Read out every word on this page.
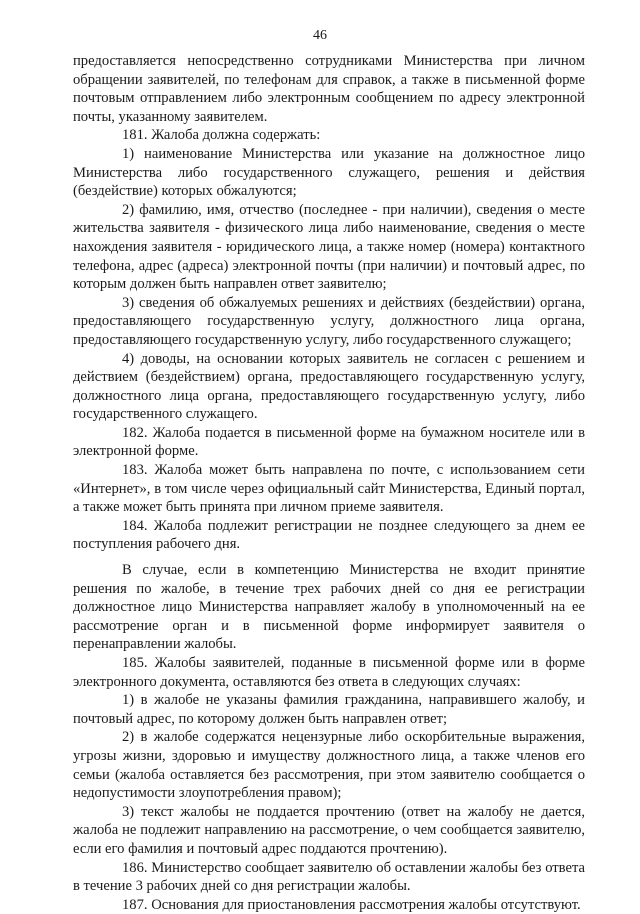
46

предоставляется непосредственно сотрудниками Министерства при личном обращении заявителей, по телефонам для справок, а также в письменной форме почтовым отправлением либо электронным сообщением по адресу электронной почты, указанному заявителем.

181. Жалоба должна содержать:

1) наименование Министерства или указание на должностное лицо Министерства либо государственного служащего, решения и действия (бездействие) которых обжалуются;

2) фамилию, имя, отчество (последнее - при наличии), сведения о месте жительства заявителя - физического лица либо наименование, сведения о месте нахождения заявителя - юридического лица, а также номер (номера) контактного телефона, адрес (адреса) электронной почты (при наличии) и почтовый адрес, по которым должен быть направлен ответ заявителю;

3) сведения об обжалуемых решениях и действиях (бездействии) органа, предоставляющего государственную услугу, должностного лица органа, предоставляющего государственную услугу, либо государственного служащего;

4) доводы, на основании которых заявитель не согласен с решением и действием (бездействием) органа, предоставляющего государственную услугу, должностного лица органа, предоставляющего государственную услугу, либо государственного служащего.

182. Жалоба подается в письменной форме на бумажном носителе или в электронной форме.

183. Жалоба может быть направлена по почте, с использованием сети «Интернет», в том числе через официальный сайт Министерства, Единый портал, а также может быть принята при личном приеме заявителя.

184. Жалоба подлежит регистрации не позднее следующего за днем ее поступления рабочего дня.

В случае, если в компетенцию Министерства не входит принятие решения по жалобе, в течение трех рабочих дней со дня ее регистрации должностное лицо Министерства направляет жалобу в уполномоченный на ее рассмотрение орган и в письменной форме информирует заявителя о перенаправлении жалобы.

185. Жалобы заявителей, поданные в письменной форме или в форме электронного документа, оставляются без ответа в следующих случаях:

1) в жалобе не указаны фамилия гражданина, направившего жалобу, и почтовый адрес, по которому должен быть направлен ответ;

2) в жалобе содержатся нецензурные либо оскорбительные выражения, угрозы жизни, здоровью и имуществу должностного лица, а также членов его семьи (жалоба оставляется без рассмотрения, при этом заявителю сообщается о недопустимости злоупотребления правом);

3) текст жалобы не поддается прочтению (ответ на жалобу не дается, жалоба не подлежит направлению на рассмотрение, о чем сообщается заявителю, если его фамилия и почтовый адрес поддаются прочтению).

186. Министерство сообщает заявителю об оставлении жалобы без ответа в течение 3 рабочих дней со дня регистрации жалобы.

187. Основания для приостановления рассмотрения жалобы отсутствуют.
